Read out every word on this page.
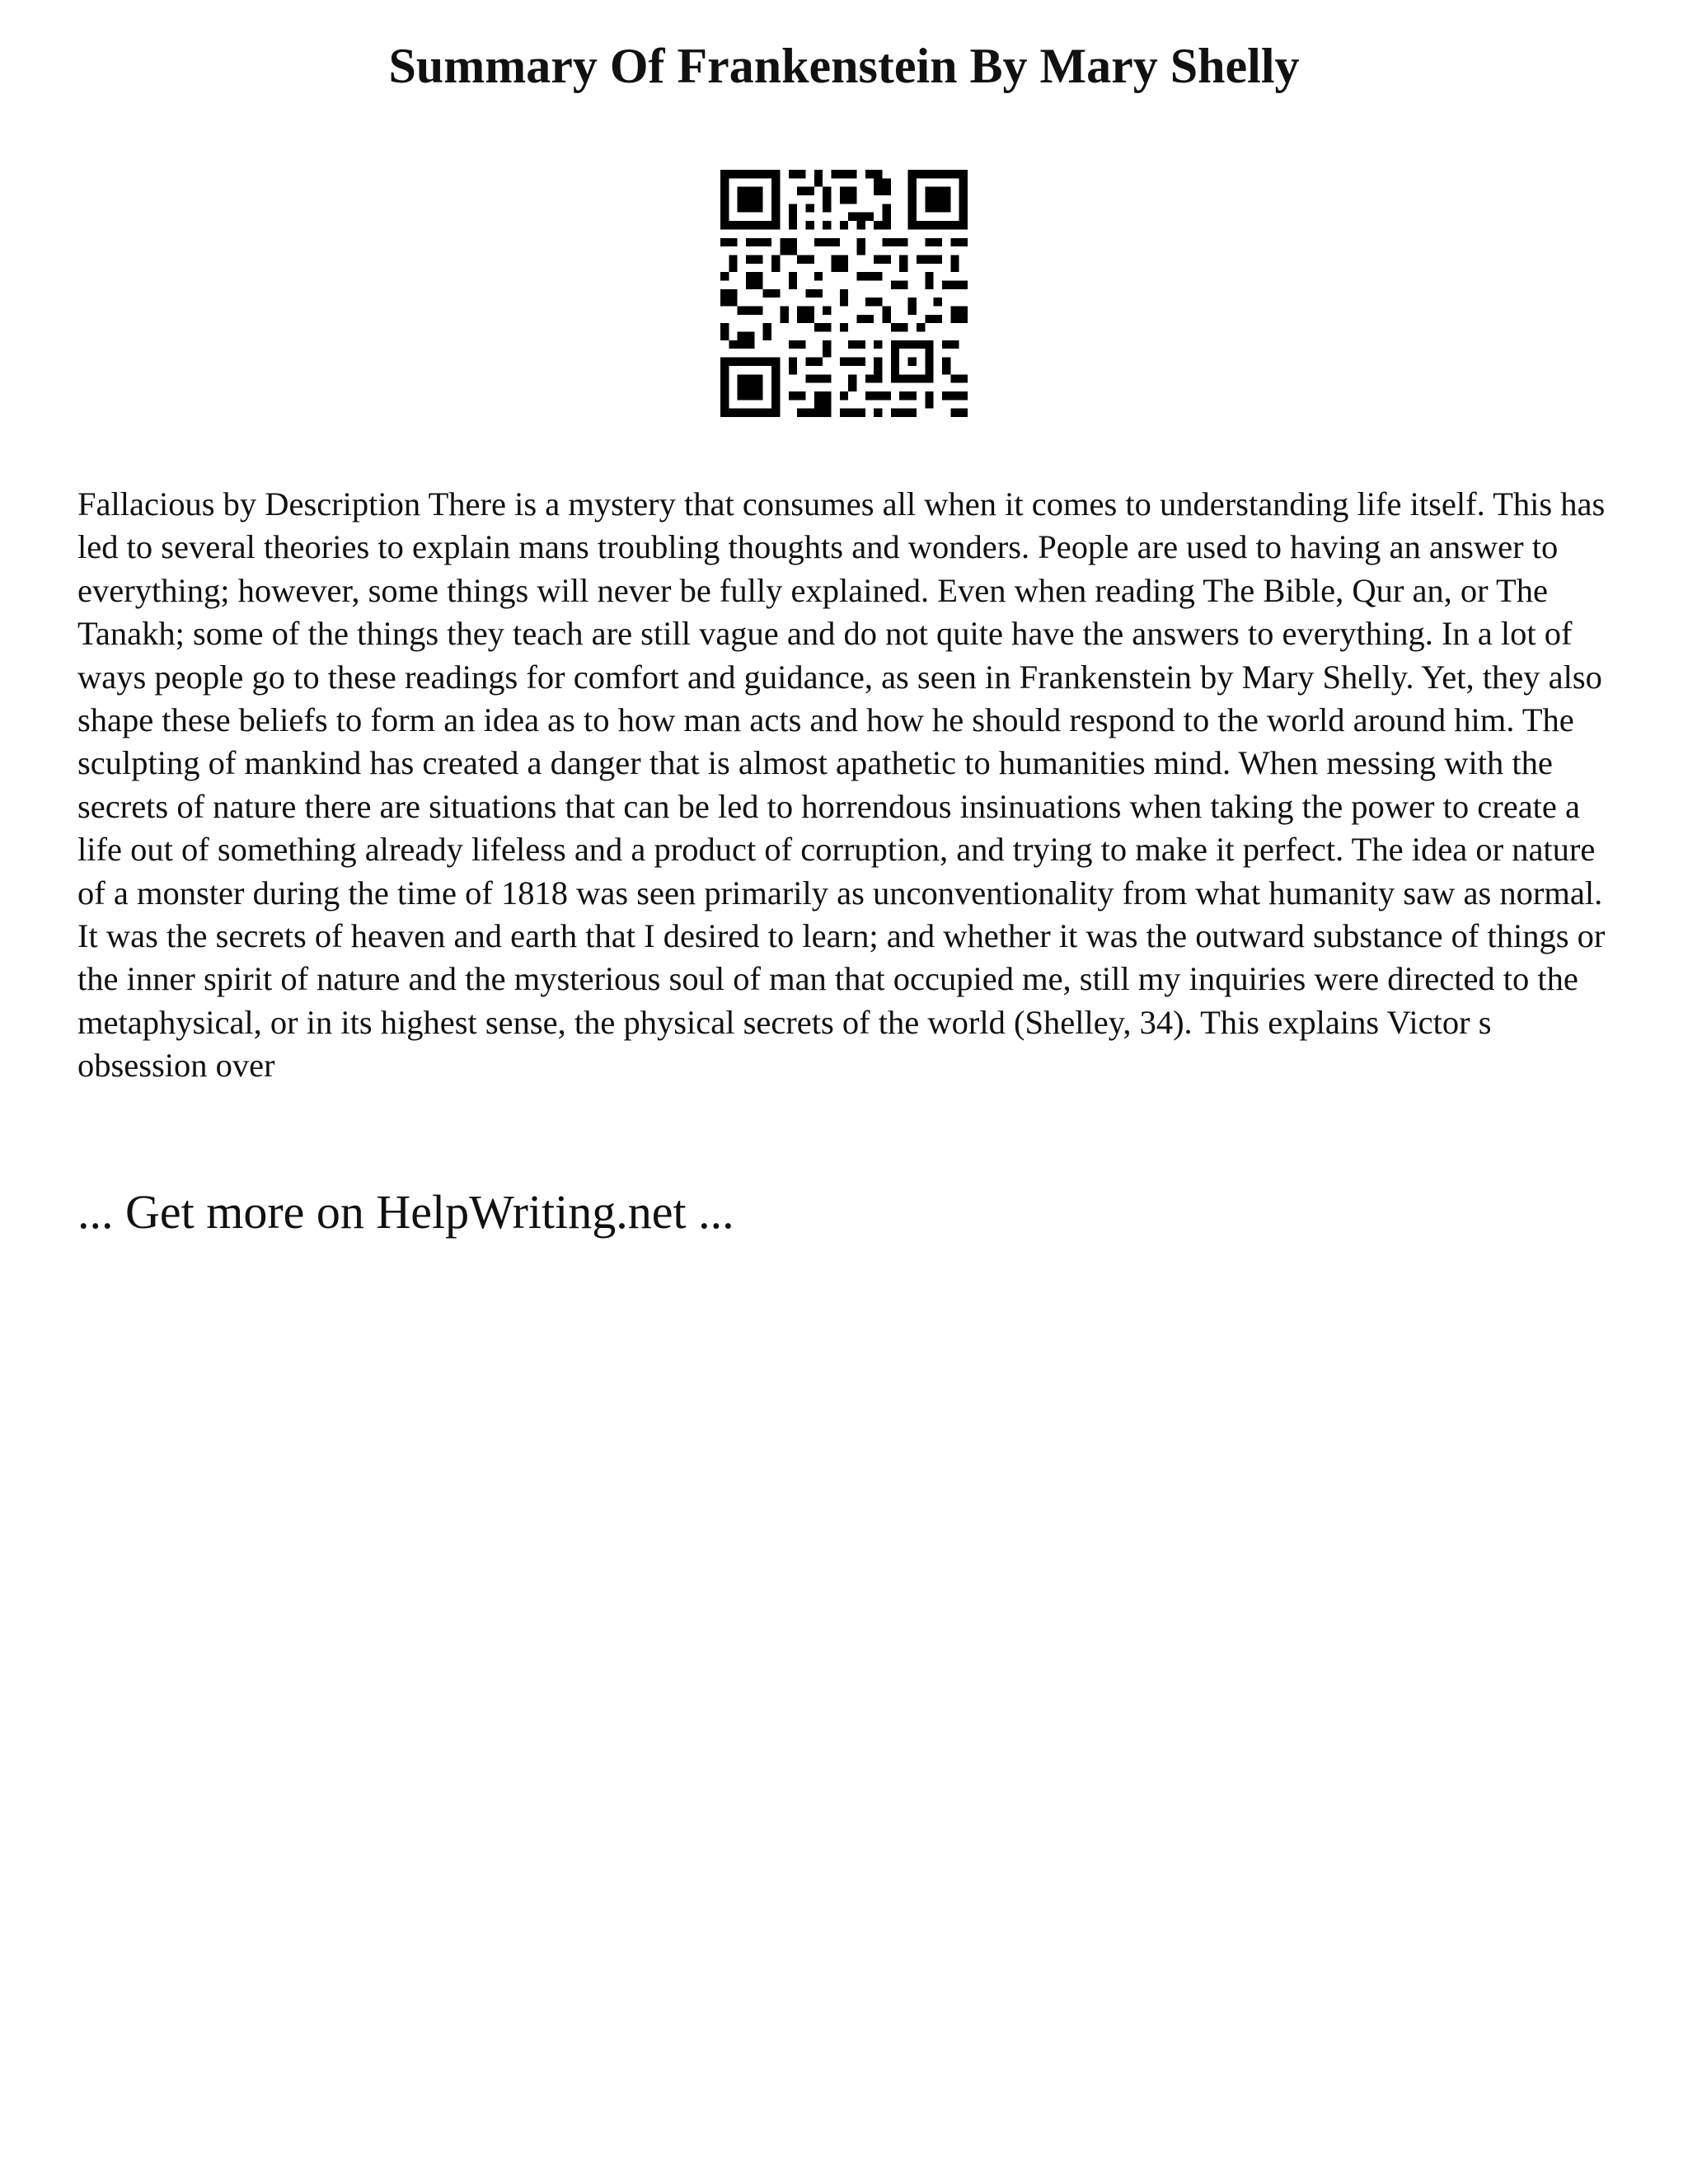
Summary Of Frankenstein By Mary Shelly

Fallacious by Description There is a mystery that consumes all when it comes to understanding life itself. This has led to several theories to explain mans troubling thoughts and wonders. People are used to having an answer to everything; however, some things will never be fully explained. Even when reading The Bible, Qur an, or The Tanakh; some of the things they teach are still vague and do not quite have the answers to everything. In a lot of ways people go to these readings for comfort and guidance, as seen in Frankenstein by Mary Shelly. Yet, they also shape these beliefs to form an idea as to how man acts and how he should respond to the world around him. The sculpting of mankind has created a danger that is almost apathetic to humanities mind. When messing with the secrets of nature there are situations that can be led to horrendous insinuations when taking the power to create a life out of something already lifeless and a product of corruption, and trying to make it perfect. The idea or nature of a monster during the time of 1818 was seen primarily as unconventionality from what humanity saw as normal. It was the secrets of heaven and earth that I desired to learn; and whether it was the outward substance of things or the inner spirit of nature and the mysterious soul of man that occupied me, still my inquiries were directed to the metaphysical, or in its highest sense, the physical secrets of the world (Shelley, 34). This explains Victor s obsession over

... Get more on HelpWriting.net ...
